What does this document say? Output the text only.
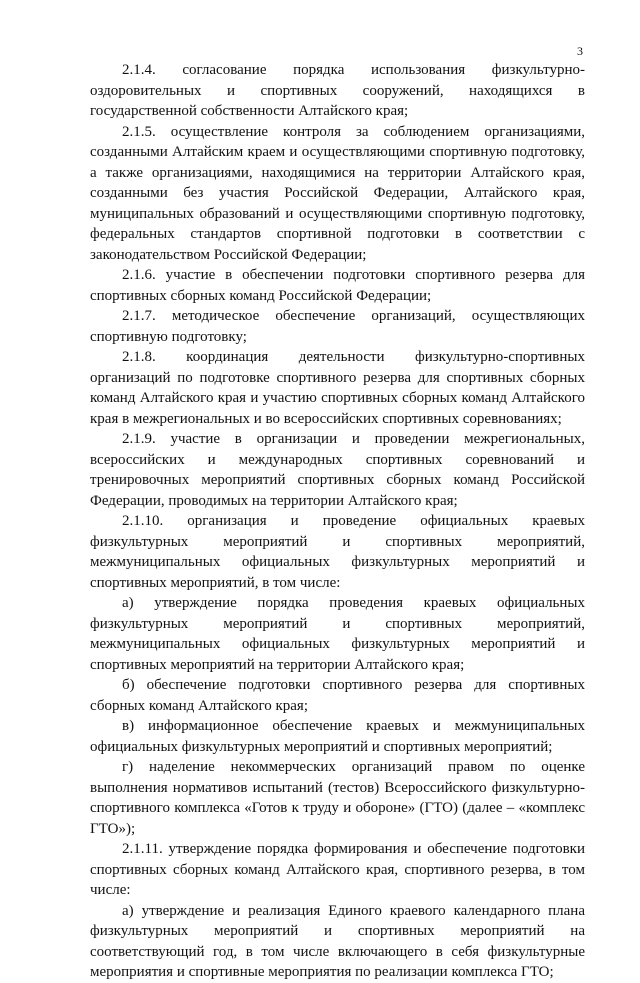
3

2.1.4. согласование порядка использования физкультурно-оздоровительных и спортивных сооружений, находящихся в государственной собственности Алтайского края;

2.1.5. осуществление контроля за соблюдением организациями, созданными Алтайским краем и осуществляющими спортивную подготовку, а также организациями, находящимися на территории Алтайского края, созданными без участия Российской Федерации, Алтайского края, муниципальных образований и осуществляющими спортивную подготовку, федеральных стандартов спортивной подготовки в соответствии с законодательством Российской Федерации;

2.1.6. участие в обеспечении подготовки спортивного резерва для спортивных сборных команд Российской Федерации;

2.1.7. методическое обеспечение организаций, осуществляющих спортивную подготовку;

2.1.8. координация деятельности физкультурно-спортивных организаций по подготовке спортивного резерва для спортивных сборных команд Алтайского края и участию спортивных сборных команд Алтайского края в межрегиональных и во всероссийских спортивных соревнованиях;

2.1.9. участие в организации и проведении межрегиональных, всероссийских и международных спортивных соревнований и тренировочных мероприятий спортивных сборных команд Российской Федерации, проводимых на территории Алтайского края;

2.1.10. организация и проведение официальных краевых физкультурных мероприятий и спортивных мероприятий, межмуниципальных официальных физкультурных мероприятий и спортивных мероприятий, в том числе:

а) утверждение порядка проведения краевых официальных физкультурных мероприятий и спортивных мероприятий, межмуниципальных официальных физкультурных мероприятий и спортивных мероприятий на территории Алтайского края;

б) обеспечение подготовки спортивного резерва для спортивных сборных команд Алтайского края;

в) информационное обеспечение краевых и межмуниципальных официальных физкультурных мероприятий и спортивных мероприятий;

г) наделение некоммерческих организаций правом по оценке выполнения нормативов испытаний (тестов) Всероссийского физкультурно-спортивного комплекса «Готов к труду и обороне» (ГТО) (далее – «комплекс ГТО»);

2.1.11. утверждение порядка формирования и обеспечение подготовки спортивных сборных команд Алтайского края, спортивного резерва, в том числе:

а) утверждение и реализация Единого краевого календарного плана физкультурных мероприятий и спортивных мероприятий на соответствующий год, в том числе включающего в себя физкультурные мероприятия и спортивные мероприятия по реализации комплекса ГТО;
